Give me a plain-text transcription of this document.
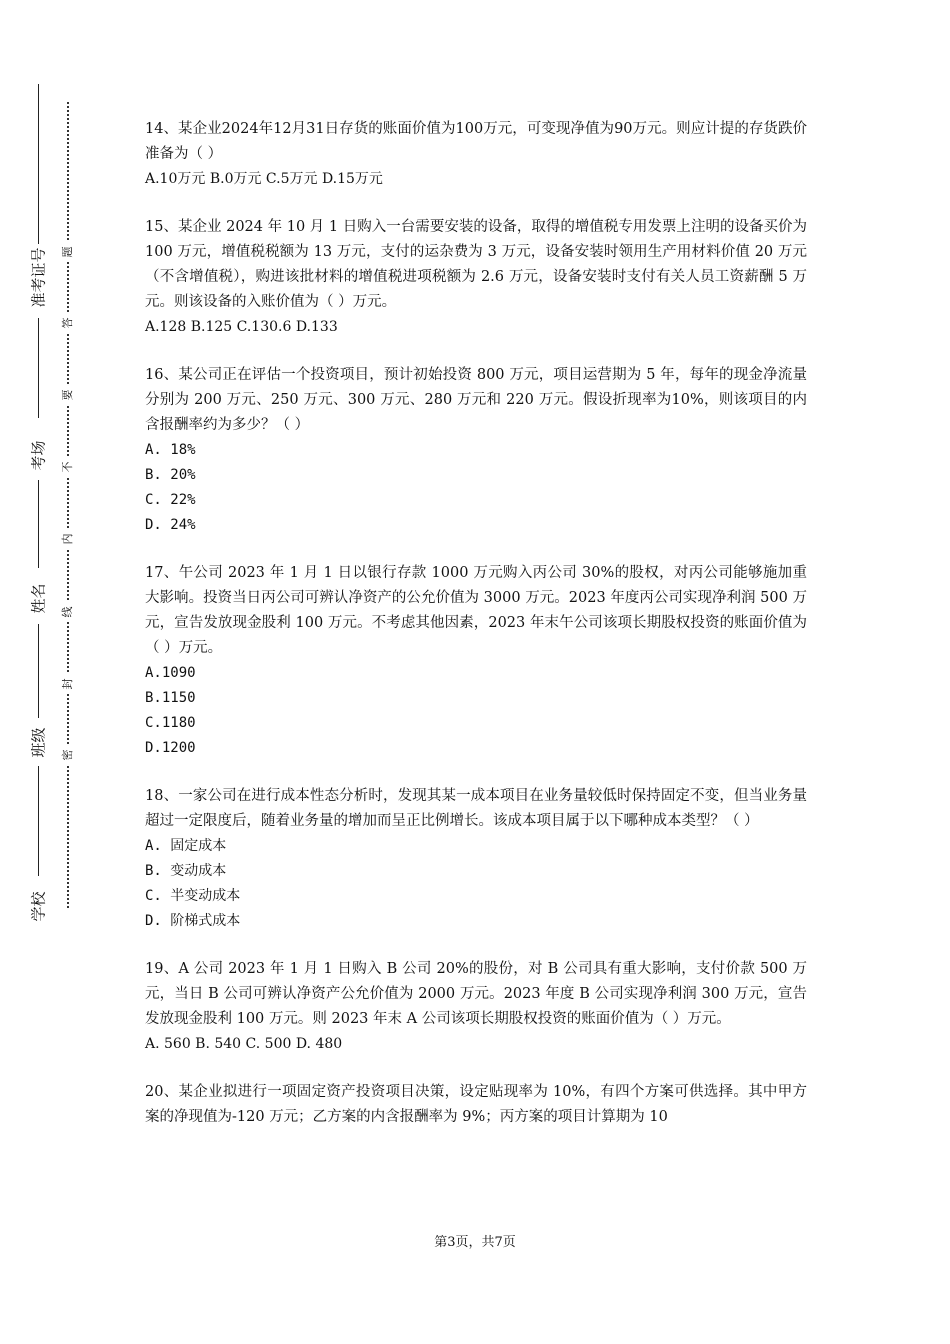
准考证号
考场
姓名
班级
学校
题
答
要
不
内
线
封
密
14、某企业2024年12月31日存货的账面价值为100万元，可变现净值为90万元。则应计提的存货跌价准备为（ ）
A.10万元 B.0万元 C.5万元 D.15万元
15、某企业 2024 年 10 月 1 日购入一台需要安装的设备，取得的增值税专用发票上注明的设备买价为 100 万元，增值税税额为 13 万元，支付的运杂费为 3 万元，设备安装时领用生产用材料价值 20 万元（不含增值税），购进该批材料的增值税进项税额为 2.6 万元，设备安装时支付有关人员工资薪酬 5 万元。则该设备的入账价值为（ ）万元。
A.128 B.125 C.130.6 D.133
16、某公司正在评估一个投资项目，预计初始投资 800 万元，项目运营期为 5 年，每年的现金净流量分别为 200 万元、250 万元、300 万元、280 万元和 220 万元。假设折现率为10%，则该项目的内含报酬率约为多少？（ ）
A. 18%
B. 20%
C. 22%
D. 24%
17、午公司 2023 年 1 月 1 日以银行存款 1000 万元购入丙公司 30%的股权，对丙公司能够施加重大影响。投资当日丙公司可辨认净资产的公允价值为 3000 万元。2023 年度丙公司实现净利润 500 万元，宣告发放现金股利 100 万元。不考虑其他因素，2023 年末午公司该项长期股权投资的账面价值为（ ）万元。
A.1090
B.1150
C.1180
D.1200
18、一家公司在进行成本性态分析时，发现其某一成本项目在业务量较低时保持固定不变，但当业务量超过一定限度后，随着业务量的增加而呈正比例增长。该成本项目属于以下哪种成本类型？（ ）
A. 固定成本
B. 变动成本
C. 半变动成本
D. 阶梯式成本
19、A 公司 2023 年 1 月 1 日购入 B 公司 20%的股份，对 B 公司具有重大影响，支付价款 500 万元，当日 B 公司可辨认净资产公允价值为 2000 万元。2023 年度 B 公司实现净利润 300 万元，宣告发放现金股利 100 万元。则 2023 年末 A 公司该项长期股权投资的账面价值为（ ）万元。
A. 560 B. 540 C. 500 D. 480
20、某企业拟进行一项固定资产投资项目决策，设定贴现率为 10%，有四个方案可供选择。其中甲方案的净现值为-120 万元；乙方案的内含报酬率为 9%；丙方案的项目计算期为 10
第3页，共7页
